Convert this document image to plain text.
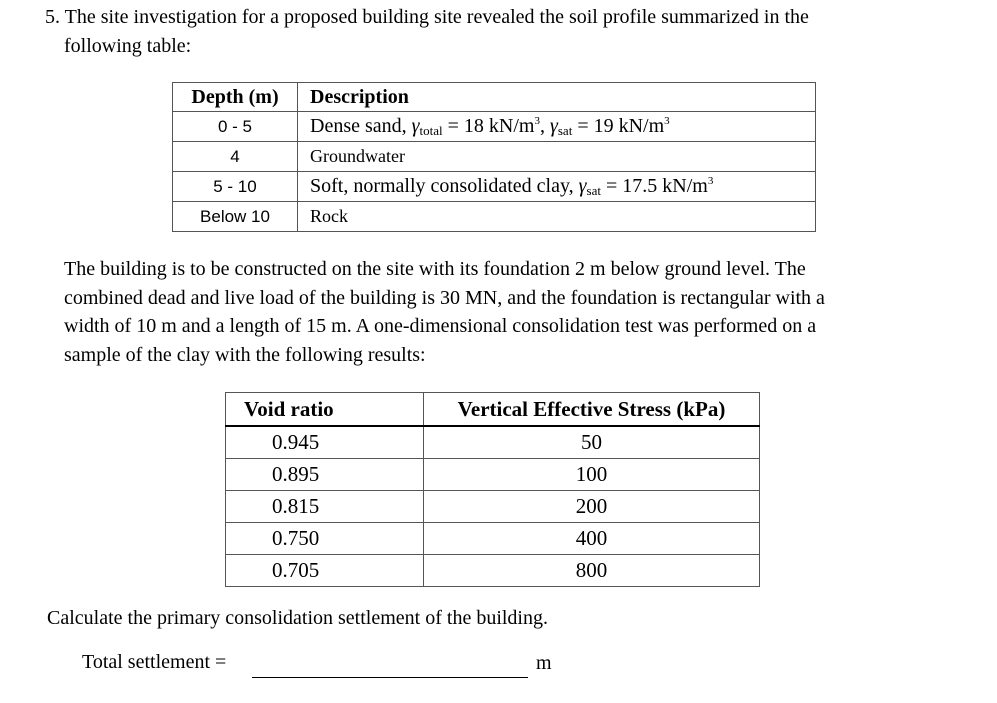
5. The site investigation for a proposed building site revealed the soil profile summarized in the
following table:
Depth (m)	Description
0 - 5	Dense sand, $\gamma_{total} = 18$ $kN/m^3$, $\gamma_{sat} = 19$ $kN/m^3$
4	Groundwater
5 - 10	Soft, normally consolidated clay, $\gamma_{sat} = 17.5$ $kN/m^3$
Below 10	Rock
The building is to be constructed on the site with its foundation 2 m below ground level. The
combined dead and live load of the building is 30 MN, and the foundation is rectangular with a
width of 10 m and a length of 15 m. A one-dimensional consolidation test was performed on a
sample of the clay with the following results:
Void ratio	Vertical Effective Stress (kPa)
0.945	50
0.895	100
0.815	200
0.750	400
0.705	800
Calculate the primary consolidation settlement of the building.
Total settlement =	m
